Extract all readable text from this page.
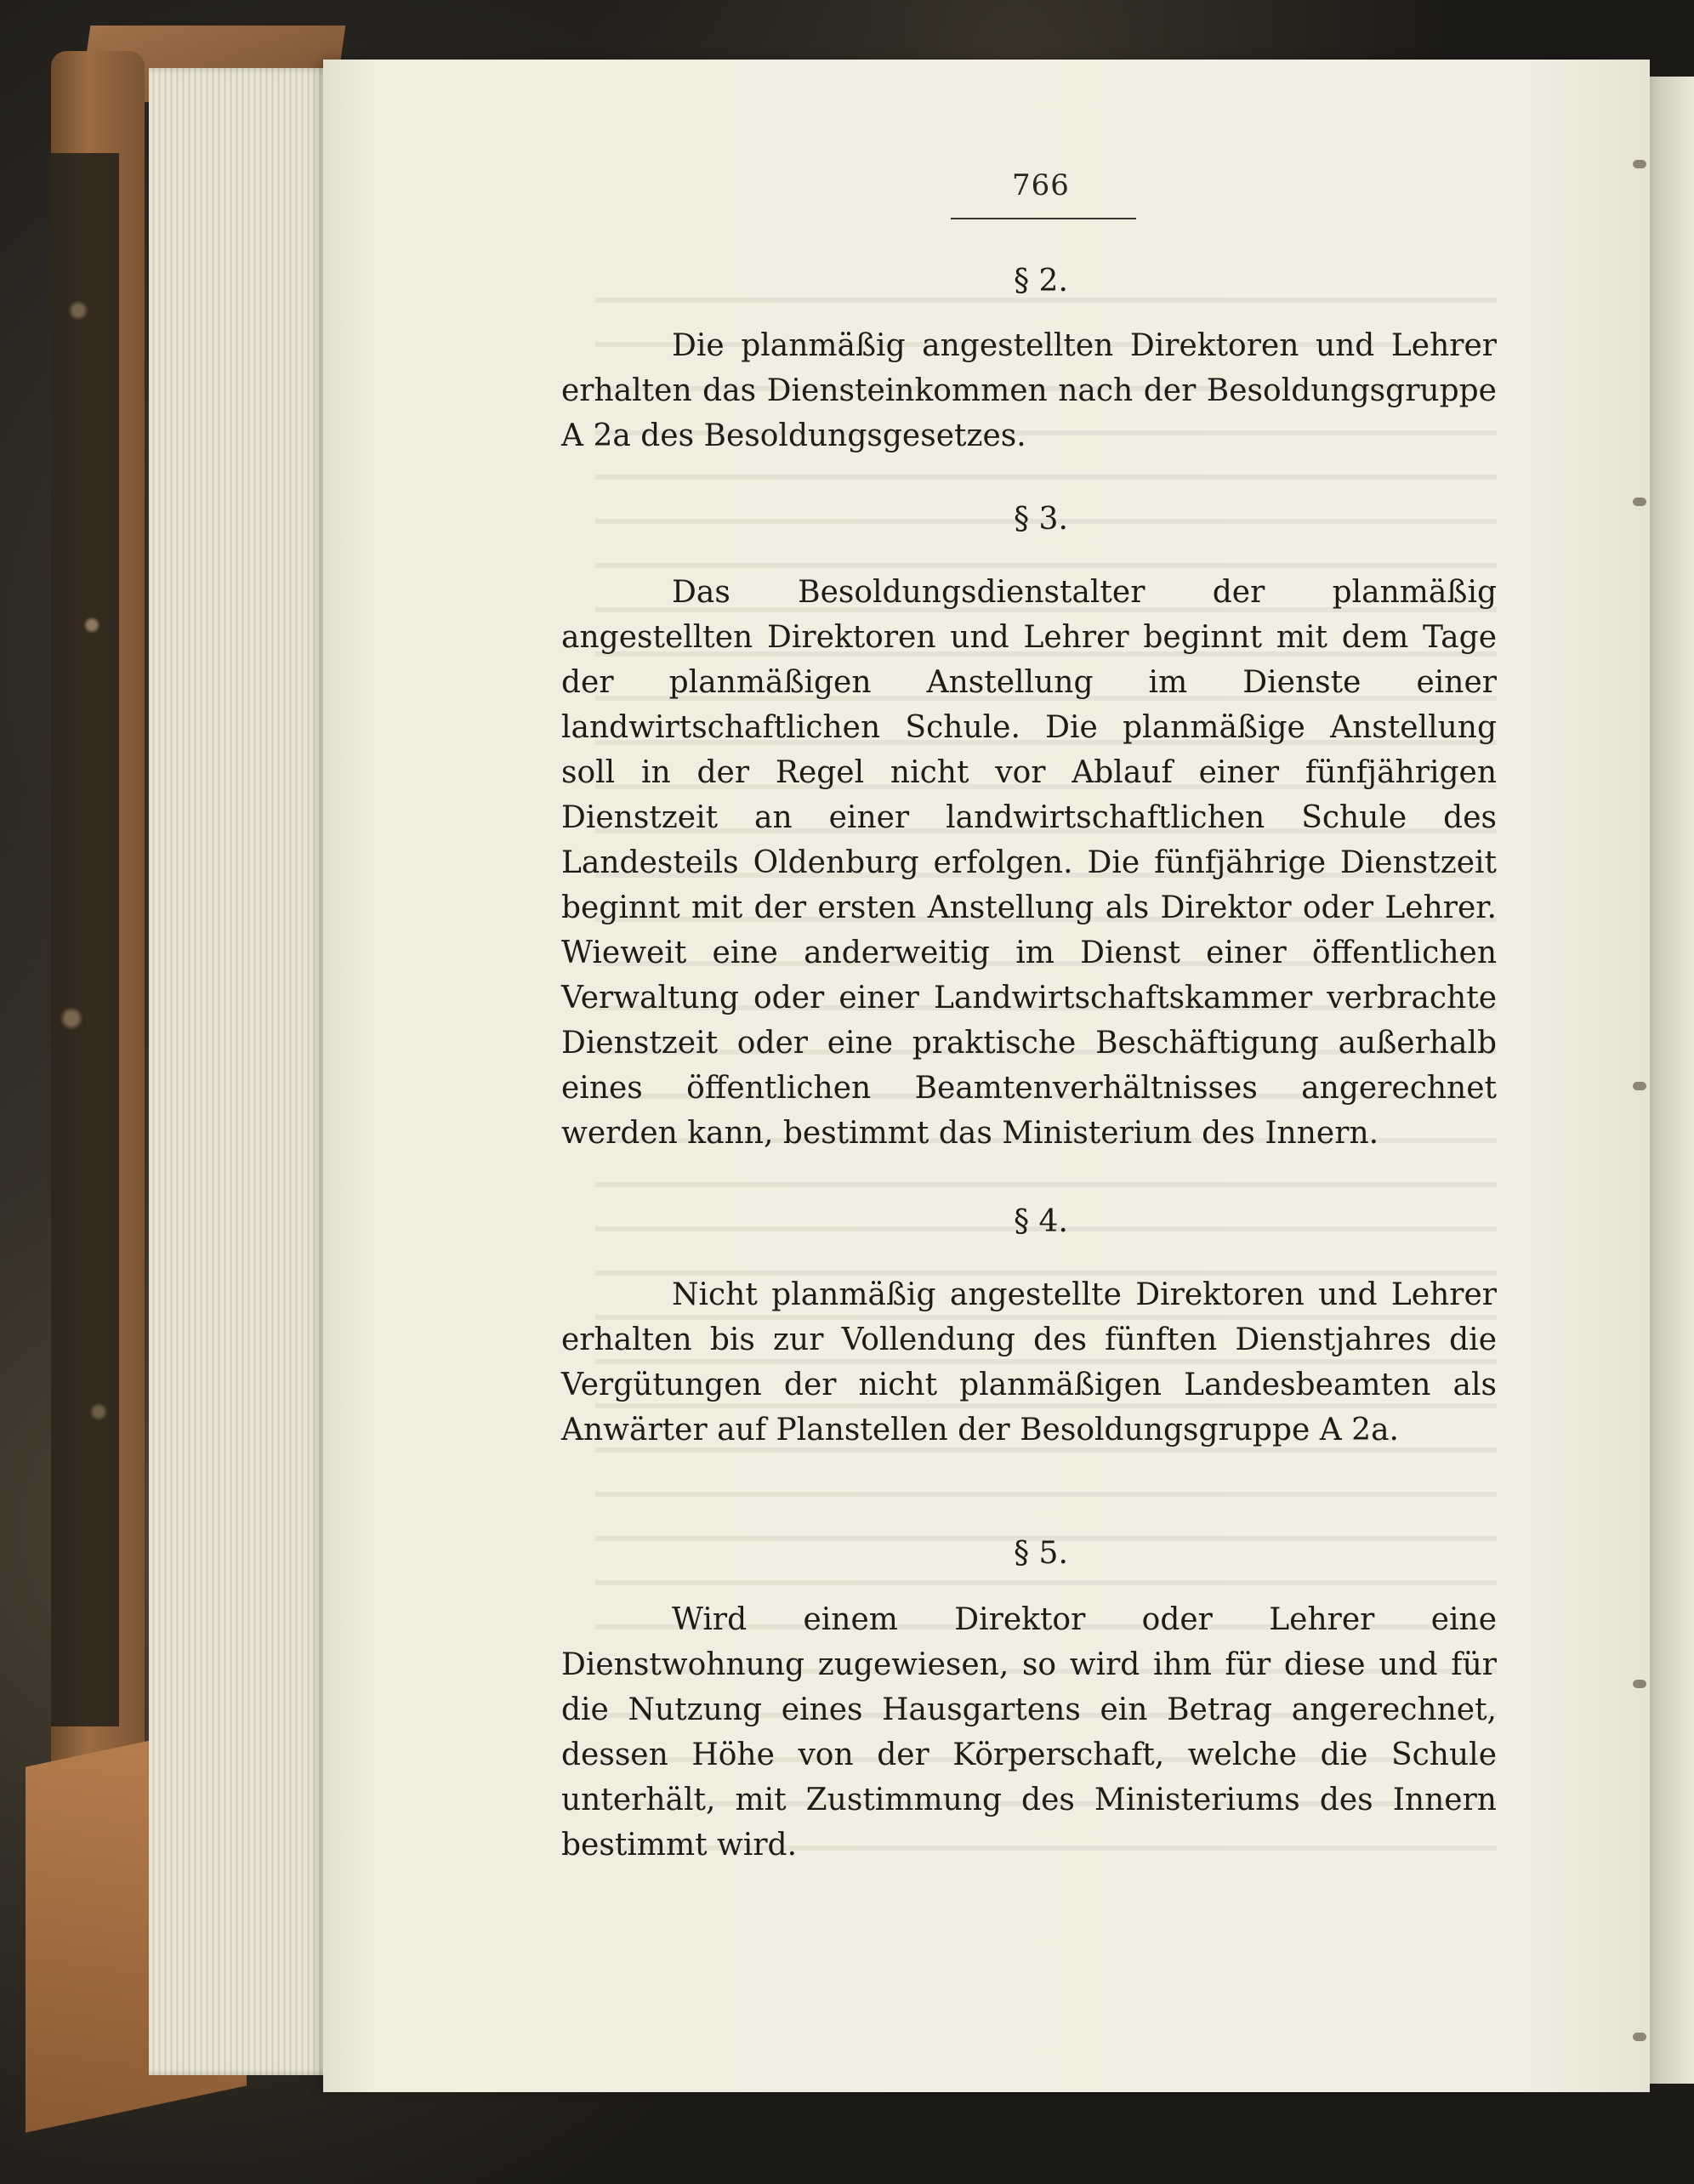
766
§ 2.

Die planmäßig angestellten Direktoren und Lehrer erhalten das Diensteinkommen nach der Besoldungsgruppe A 2a des Besoldungsgesetzes.

§ 3.

Das Besoldungsdienstalter der planmäßig angestellten Direktoren und Lehrer beginnt mit dem Tage der planmäßigen Anstellung im Dienste einer landwirtschaftlichen Schule. Die planmäßige Anstellung soll in der Regel nicht vor Ablauf einer fünfjährigen Dienstzeit an einer landwirtschaftlichen Schule des Landesteils Oldenburg erfolgen. Die fünfjährige Dienstzeit beginnt mit der ersten Anstellung als Direktor oder Lehrer. Wieweit eine anderweitig im Dienst einer öffentlichen Verwaltung oder einer Landwirtschaftskammer verbrachte Dienstzeit oder eine praktische Beschäftigung außerhalb eines öffentlichen Beamtenverhältnisses angerechnet werden kann, bestimmt das Ministerium des Innern.

§ 4.

Nicht planmäßig angestellte Direktoren und Lehrer erhalten bis zur Vollendung des fünften Dienstjahres die Vergütungen der nicht planmäßigen Landesbeamten als Anwärter auf Planstellen der Besoldungsgruppe A 2a.

§ 5.

Wird einem Direktor oder Lehrer eine Dienstwohnung zugewiesen, so wird ihm für diese und für die Nutzung eines Hausgartens ein Betrag angerechnet, dessen Höhe von der Körperschaft, welche die Schule unterhält, mit Zustimmung des Ministeriums des Innern bestimmt wird.
